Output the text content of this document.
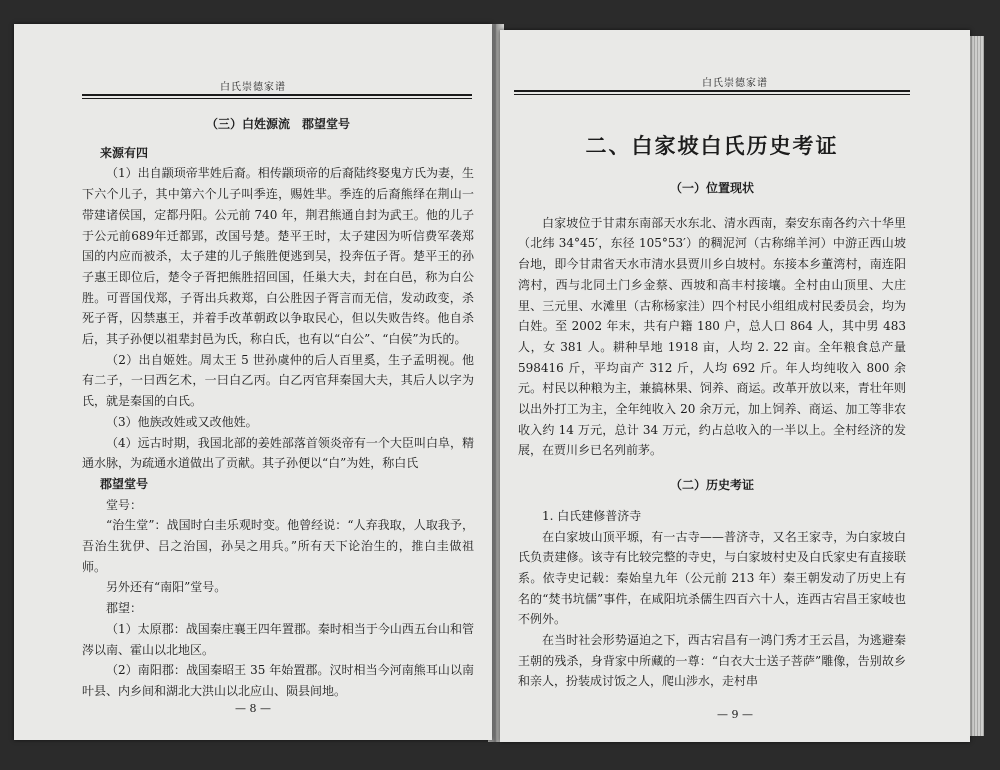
白氏崇德家谱

（三）白姓源流　郡望堂号

来源有四

（1）出自颛顼帝芈姓后裔。相传颛顼帝的后裔陆终娶鬼方氏为妻，生下六个儿子，其中第六个儿子叫季连，赐姓芈。季连的后裔熊绎在荆山一带建诸侯国，定都丹阳。公元前 740 年，荆君熊通自封为武王。他的儿子于公元前689年迁都郢，改国号楚。楚平王时，太子建因为听信费军袭郑国的内应而被杀，太子建的儿子熊胜便逃到吴，投奔伍子胥。楚平王的孙子惠王即位后，楚令子胥把熊胜招回国，任巢大夫，封在白邑，称为白公胜。可晋国伐郑，子胥出兵救郑，白公胜因子胥言而无信，发动政变，杀死子胥，囚禁惠王，并着手改革朝政以争取民心，但以失败告终。他自杀后，其子孙便以祖辈封邑为氏，称白氏，也有以“白公”、“白侯”为氏的。

（2）出自姬姓。周太王 5 世孙虞仲的后人百里奚，生子孟明视。他有二子，一曰西乞术，一曰白乙丙。白乙丙官拜秦国大夫，其后人以字为氏，就是秦国的白氏。

（3）他族改姓或又改他姓。

（4）远古时期，我国北部的姜姓部落首领炎帝有一个大臣叫白阜，精通水脉，为疏通水道做出了贡献。其子孙便以“白”为姓，称白氏

郡望堂号

堂号：

“治生堂”：战国时白圭乐观时变。他曾经说：“人弃我取，人取我予，吾治生犹伊、吕之治国，孙吴之用兵。”所有天下论治生的，推白圭做祖师。

另外还有“南阳”堂号。

郡望：

（1）太原郡：战国秦庄襄王四年置郡。秦时相当于今山西五台山和管涔以南、霍山以北地区。

（2）南阳郡：战国秦昭王 35 年始置郡。汉时相当今河南熊耳山以南叶县、内乡间和湖北大洪山以北应山、陨县间地。

— 8 —
白氏崇德家谱
二、白家坡白氏历史考证

（一）位置现状

白家坡位于甘肃东南部天水东北、清水西南，秦安东南各约六十华里（北纬 34°45′，东径 105°53′）的稠泥河（古称绵羊河）中游正西山坡台地，即今甘肃省天水市清水县贾川乡白坡村。东接本乡董湾村，南连阳湾村，西与北同土门乡金蔡、西坡和高丰村接壤。全村由山顶里、大庄里、三元里、水滩里（古称杨家洼）四个村民小组组成村民委员会，均为白姓。至 2002 年末，共有户籍 180 户，总人口 864 人，其中男 483 人，女 381 人。耕种旱地 1918 亩，人均 2. 22 亩。全年粮食总产量 598416 斤，平均亩产 312 斤，人均 692 斤。年人均纯收入 800 余元。村民以种粮为主，兼搞林果、饲养、商运。改革开放以来，青壮年则以出外打工为主，全年纯收入 20 余万元，加上饲养、商运、加工等非农收入约 14 万元，总计 34 万元，约占总收入的一半以上。全村经济的发展，在贾川乡已名列前茅。

（二）历史考证

1. 白氏建修普济寺

在白家坡山顶平塬，有一古寺——普济寺，又名王家寺，为白家坡白氏负责建修。该寺有比较完整的寺史，与白家坡村史及白氏家史有直接联系。依寺史记载：秦始皇九年（公元前 213 年）秦王朝发动了历史上有名的“焚书坑儒”事件，在咸阳坑杀儒生四百六十人，连西古宕昌王家岐也不例外。

在当时社会形势逼迫之下，西古宕昌有一鸿门秀才王云昌，为逃避秦王朝的残杀，身背家中所藏的一尊：“白衣大士送子菩萨”雕像，告别故乡和亲人，扮装成讨饭之人，爬山涉水，走村串

— 9 —
